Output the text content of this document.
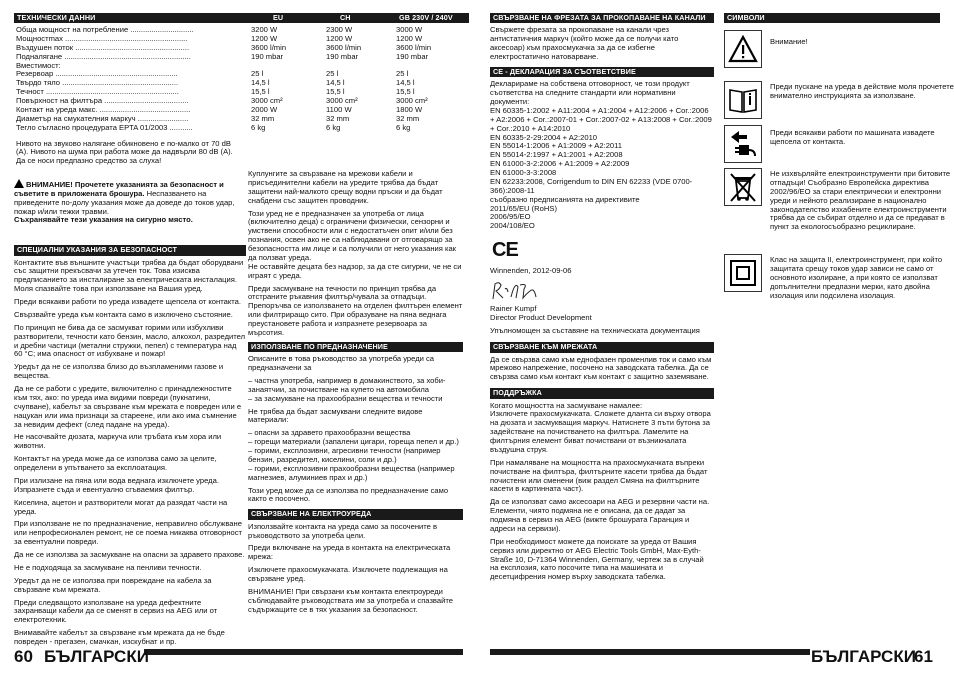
ТЕХНИЧЕСКИ ДАННИ	EU	CH	GB 230V / 240V
Обща мощност на потребление ..............................	3200 W	2300 W	3000 W
Мощностmax ..........................................................	1200 W	1200 W	1200 W
Въздушен поток ......................................................	3600 l/min	3600 l/min	3600 l/min
Подналягане ............................................................	190 mbar	190 mbar	190 mbar
Вместимост:
Резервоар ..........................................................	25 l	25 l	25 l
Твърдо тяло .......................................................	14,5 l	14,5 l	14,5 l
Течност ...............................................................	15,5 l	15,5 l	15,5 l
Повърхност на филтъра ........................................	3000 cm²	3000 cm²	3000 cm²
Контакт на уреда макс. ...........................................	2000 W	1100 W	1800 W
Диаметър на смукателния маркуч ........................	32 mm	32 mm	32 mm
Тегло съгласно процедурата EPTA 01/2003 ...........	6 kg	6 kg	6 kg
Нивото на звуково налягане обикновено е по-малко от 70 dB (A). Нивото на шума при работа може да надвърли 80 dB (A). Да се носи предпазно средство за слуха!

ВНИМАНИЕ! Прочетете указанията за безопасност и съветите в приложената брошура. Неспазването на приведените по-долу указания може да доведе до токов удар, пожар и/или тежки травми.

Съхранявайте тези указания на сигурно място.

СПЕЦИАЛНИ УКАЗАНИЯ ЗА БЕЗОПАСНОСТ
Контактите във външните участъци трябва да бъдат оборудвани със защитни прекъсвачи за утечен ток. Това изисква предписанието за инсталиране за електрическата инсталация. Моля спазвайте това при използване на Вашия уред.
Преди всякакви работи по уреда извадете щепсела от контакта.
Свързвайте уреда към контакта само в изключено състояние.
По принцип не бива да се засмукват горими или избухливи разтворители, течности като бензин, масло, алкохол, разредител и дребни частици (метални стружки, пепел) с температура над 60 °C; има опасност от избухване и пожар!
Уредът да не се използва близо до възпламеними газове и вещества.
Да не се работи с уредите, включително с принадлежностите към тях, ако: по уреда има видими повреди (пукнатини, счупване), кабелът за свързване към мрежата е повреден или е нацукан или има признаци за стареене, или ако има съмнение за невидим дефект (след падане на уреда).
Не насочвайте дюзата, маркуча или тръбата към хора или животни.
Контактът на уреда може да се използва само за целите, определени в упътването за експлоатация.
При излизане на пяна или вода веднага изключете уреда. Изпразнете съда и евентуално сгъваемия филтър.
Киселина, ацетон и разтворители могат да разядат части на уреда.
При използване не по предназначение, неправилно обслужване или непрофесионален ремонт, не се поема никаква отговорност за евентуални повреди.
Да не се използва за засмукване на опасни за здравето прахове.
Не е подходяща за засмукване на пенливи течности.
Уредът да не се използва при повреждане на кабела за свързване към мрежата.
Преди следващото използване на уреда дефектните захранващи кабели да се сменят в сервиз на AEG или от електротехник.
Внимавайте кабелът за свързване към мрежата да не бъде повреден - прегазен, смачкан, изскубнат и пр.
Куплунгите за свързване на мрежови кабели и присъединителни кабели на уредите трябва да бъдат защитени най-малкото срещу водни пръски и да бъдат снабдени със защитен проводник.
Този уред не е предназначен за употреба от лица (включително деца) с ограничени физически, сензорни и умствени способности или с недостатъчен опит и/или без познания, освен ако не са наблюдавани от отговарящо за безопасността им лице и са получили от него указания как да ползват уреда.
Не оставяйте децата без надзор, за да сте сигурни, че не си играят с уреда.
Преди засмукване на течности по принцип трябва да отстраните ръкавния филтър/чувала за отпадъци. Препоръчва се използването на отделен филтърен елемент или филтриращо сито. При образуване на пяна веднага преустановете работа и изпразнете резервоара за мърсотия.
ИЗПОЛЗВАНЕ ПО ПРЕДНАЗНАЧЕНИЕ
Описаните в това ръководство за употреба уреди са предназначени за
– частна употреба, например в домакинството, за хоби-занаятчии, за почистване на купето на автомобила
– за засмукване на прахообразни вещества и течности
Не трябва да бъдат засмуквани следните видове материали:
– опасни за здравето прахообразни вещества
– горещи материали (запалени цигари, гореща пепел и др.)
– горими, експлозивни, агресивни течности (например бензин, разредител, киселини, соли и др.)
– горими, експлозивни прахообразни вещества (например магнезиев, алуминиев прах и др.)
Този уред може да се използва по предназначение само както е посочено.
СВЪРЗВАНЕ НА ЕЛЕКТРОУРЕДА
Използвайте контакта на уреда само за посочените в ръководството за употреба цели.
Преди включване на уреда в контакта на електрическата мрежа:
Изключете прахосмукачката. Изключете подлежащия на свързване уред.
ВНИМАНИЕ! При свързани към контакта електроуреди съблюдавайте ръководствата им за употреба и спазвайте съдържащите се в тях указания за безопасност.
60 БЪЛГАРСКИ
СВЪРЗВАНЕ НА ФРЕЗАТА ЗА ПРОКОПАВАНЕ НА КАНАЛИ
Свържете фрезата за прокопаване на канали чрез антистатичния маркуч (който може да се получи като аксесоар) към прахосмукачка за да се избегне електростатично натоварване.
CE - ДЕКЛАРАЦИЯ ЗА СЪОТВЕТСТВИЕ
Декларираме на собствена отговорност, че този продукт съответства на следните стандарти или нормативни документи:
EN 60335-1:2002 + A11:2004 + A1:2004 + A12:2006 + Cor.:2006 + A2:2006 + Cor.:2007-01 + Cor.:2007-02 + A13:2008 + Cor.:2009 + Cor.:2010 + A14:2010
EN 60335-2-29:2004 + A2:2010
EN 55014-1:2006 + A1:2009 + A2:2011
EN 55014-2:1997 + A1:2001 + A2:2008
EN 61000-3-2:2006 + A1:2009 + A2:2009
EN 61000-3-3:2008
EN 62233:2008, Corrigendum to DIN EN 62233 (VDE 0700-366):2008-11
съобразно предписанията на директивите
2011/65/EU (RoHS)
2006/95/EO
2004/108/EO
CE
Winnenden, 2012-09-06
Rainer Kumpf
Director Product Development
Упълномощен за съставяне на техническата документация
СВЪРЗВАНЕ КЪМ МРЕЖАТА
Да се свързва само към еднофазен променлив ток и само към мрежово напрежение, посочено на заводската табелка. Да се свързва само към контакт към контакт с защитно заземяване.
ПОДДРЪЖКА
Когато мощността на засмукване намалее:
Изключете прахосмукачката. Сложете дланта си върху отвора на дюзата и засмукващия маркуч. Натиснете 3 пъти бутона за задействане на почистването на филтъра. Ламелите на филтърния елемент биват почиствани от възникналата въздушна струя.
При намаляване на мощността на прахосмукачката въпреки почистване на филтъра, филтърните касети трябва да бъдат почистени или сменени (виж раздел Смяна на филтърните касети в картинната част).
Да се използват само аксесоари на AEG и резервни части на. Елементи, чиято подмяна не е описана, да се дадат за подмяна в сервиз на AEG (вижте брошурата Гаранция и адреси на сервизи).
При необходимост можете да поискате за уреда от Вашия сервиз или директно от AEG Electric Tools GmbH, Max-Eyth-Straße 10, D-71364 Winnenden, Germany, чертеж за в случай на експлозия, като посочите типа на машината и десетцифрения номер върху заводската табелка.
СИМВОЛИ
Внимание!
Преди пускане на уреда в действие моля прочетете внимателно инструкцията за използване.
Преди всякакви работи по машината извадете щепсела от контакта.
Не изхвърляйте електроинструменти при битовите отпадъци! Съобразно Европейска директива 2002/96/EO за стари електрически и електронни уреди и нейното реализиране в национално законодателство изхабените електроинструменти трябва да се събират отделно и да се предават в пункт за екологосъобразно рециклиране.
Клас на защита II, електроинструмент, при който защитата срещу токов удар зависи не само от основното изолиране, а при която се използват допълнителни предпазни мерки, като двойна изолация или подсилена изолация.
БЪЛГАРСКИ
61
